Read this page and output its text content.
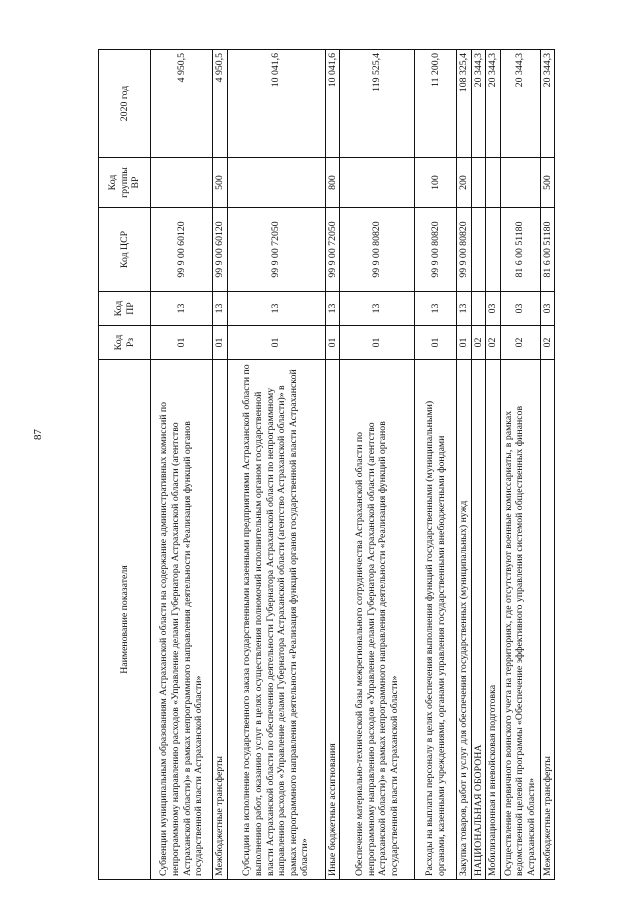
87
Наименование показателя	Код Рз	Код ПР	Код ЦСР	Код группы ВР	2020 год
Субвенции муниципальным образованиям Астраханской области на содержание административных комиссий по непрограммному направлению расходов «Управление делами Губернатора Астраханской области (агентство Астраханской области)» в рамках непрограммного направления деятельности «Реализация функций органов государственной власти Астраханской области»	01	13	99 9 00 60120		4 950,5
Межбюджетные трансферты	01	13	99 9 00 60120	500	4 950,5
Субсидии на исполнение государственного заказа государственными казенными предприятиями Астраханской области по выполнению работ, оказанию услуг в целях осуществления полномочий исполнительным органом государственной власти Астраханской области по обеспечению деятельности Губернатора Астраханской области по непрограммному направлению расходов «Управление делами Губернатора Астраханской области (агентство Астраханской области)» в рамках непрограммного направления деятельности «Реализация функций органов государственной власти Астраханской области»	01	13	99 9 00 72050		10 041,6
Иные бюджетные ассигнования	01	13	99 9 00 72050	800	10 041,6
Обеспечение материально-технической базы межрегионального сотрудничества Астраханской области по непрограммному направлению расходов «Управление делами Губернатора Астраханской области (агентство Астраханской области)» в рамках непрограммного направления деятельности «Реализация функций органов государственной власти Астраханской области»	01	13	99 9 00 80820		119 525,4
Расходы на выплаты персоналу в целях обеспечения выполнения функций государственными (муниципальными) органами, казенными учреждениями, органами управления государственными внебюджетными фондами	01	13	99 9 00 80820	100	11 200,0
Закупка товаров, работ и услуг для обеспечения государственных (муниципальных) нужд	01	13	99 9 00 80820	200	108 325,4
НАЦИОНАЛЬНАЯ ОБОРОНА	02				20 344,3
Мобилизационная и вневойсковая подготовка	02	03			20 344,3
Осуществление первичного воинского учета на территориях, где отсутствуют военные комиссариаты, в рамках ведомственной целевой программы «Обеспечение эффективного управления системой общественных финансов Астраханской области»	02	03	81 6 00 51180		20 344,3
Межбюджетные трансферты	02	03	81 6 00 51180	500	20 344,3
